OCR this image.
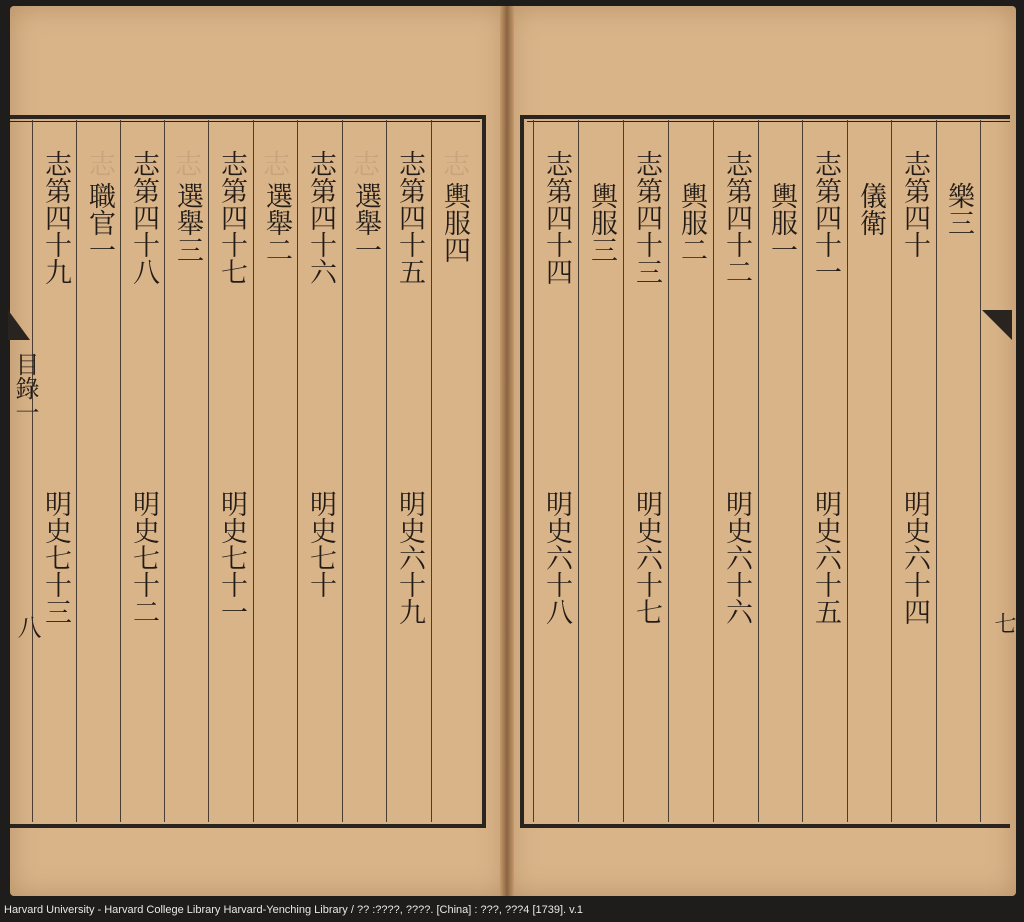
志
志
志
志
志
目錄一
八
志第四十五 輿服四
明史六十九
志第四十六 選舉一
明史七十
志第四十七 選舉二
明史七十一
志第四十八 選舉三
明史七十二
志第四十九 職官一
明史七十三	七
樂三
志第四十
儀衛
明史六十四
志第四十一
輿服一
明史六十五
志第四十二
輿服二
明史六十六
志第四十三
輿服三
明史六十七
志第四十四
明史六十八
Harvard University - Harvard College Library Harvard-Yenching Library / ?? :????, ????. [China] : ???, ???4 [1739]. v.1
